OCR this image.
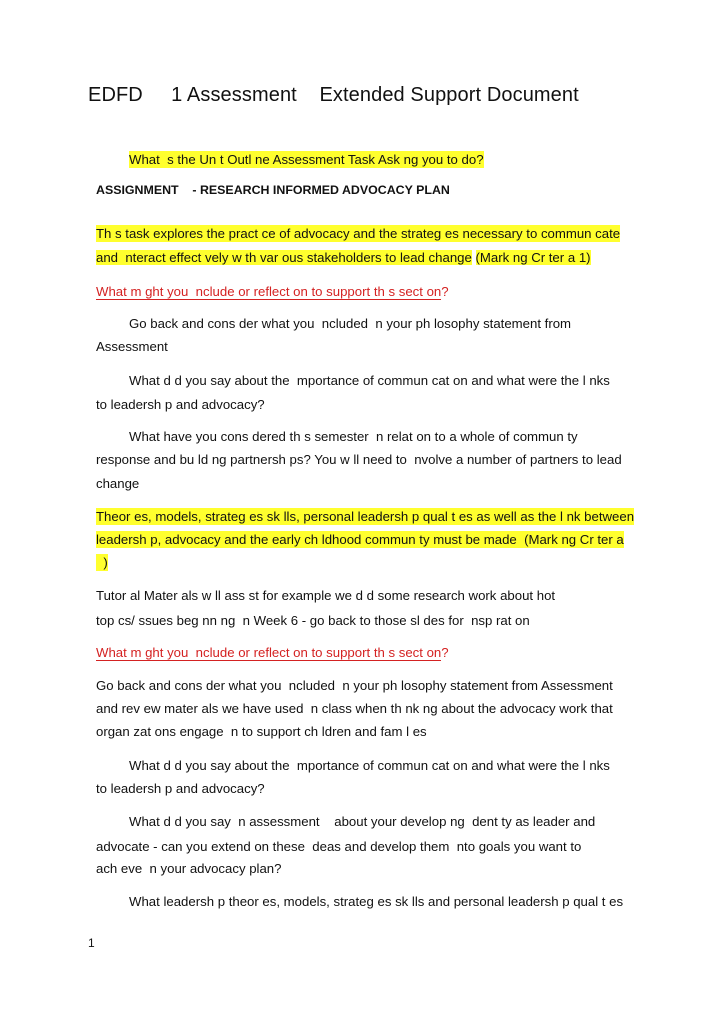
EDFD     1 Assessment    Extended Support Document
What  s the Un t Outl ne Assessment Task Ask ng you to do?
ASSIGNMENT    - RESEARCH INFORMED ADVOCACY PLAN
Th s task explores the pract ce of advocacy and the strateg es necessary to commun cate
and  nteract effect vely w th var ous stakeholders to lead change (Mark ng Cr ter a 1)
What m ght you  nclude or reflect on to support th s sect on?
Go back and cons der what you  ncluded  n your ph losophy statement from
Assessment
What d d you say about the  mportance of commun cat on and what were the l nks
to leadersh p and advocacy?
What have you cons dered th s semester  n relat on to a whole of commun ty
response and bu ld ng partnersh ps? You w ll need to  nvolve a number of partners to lead
change
Theor es, models, strateg es sk lls, personal leadersh p qual t es as well as the l nk between
leadersh p, advocacy and the early ch ldhood commun ty must be made  (Mark ng Cr ter a
)
Tutor al Mater als w ll ass st for example we d d some research work about hot
top cs/ ssues beg nn ng  n Week 6 - go back to those sl des for  nsp rat on
What m ght you  nclude or reflect on to support th s sect on?
Go back and cons der what you  ncluded  n your ph losophy statement from Assessment
and rev ew mater als we have used  n class when th nk ng about the advocacy work that
organ zat ons engage  n to support ch ldren and fam l es
What d d you say about the  mportance of commun cat on and what were the l nks
to leadersh p and advocacy?
What d d you say  n assessment    about your develop ng  dent ty as leader and
advocate - can you extend on these  deas and develop them  nto goals you want to
ach eve  n your advocacy plan?
What leadersh p theor es, models, strateg es sk lls and personal leadersh p qual t es
1
